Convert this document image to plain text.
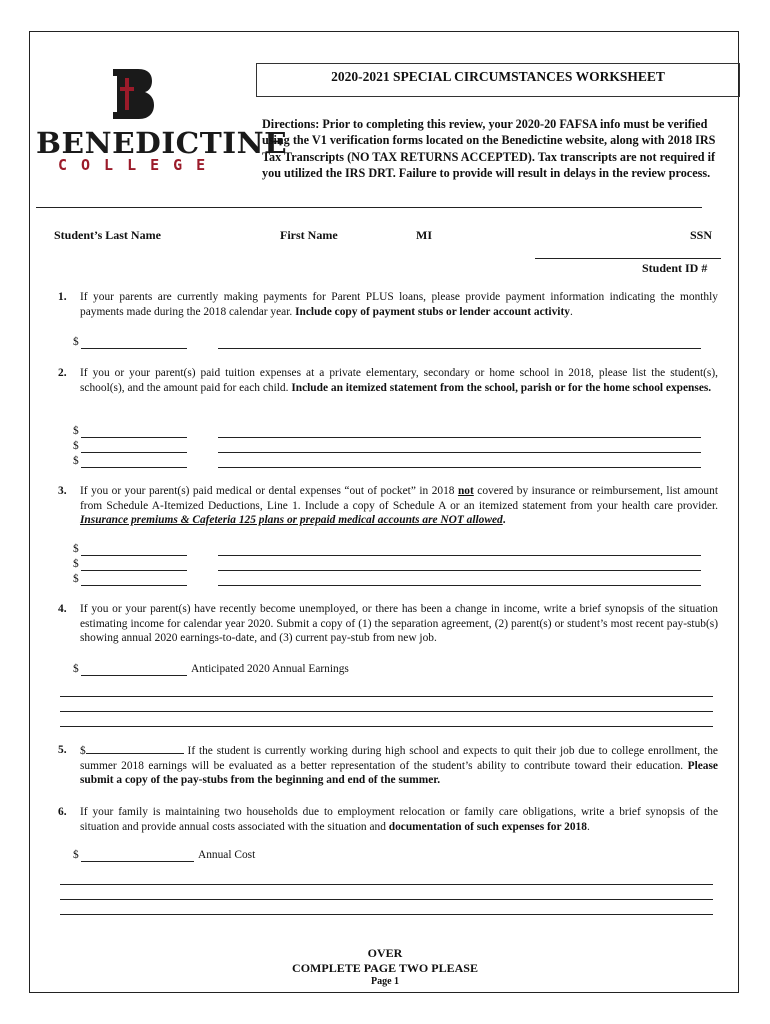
BENEDICTINE
COLLEGE
2020-2021 SPECIAL CIRCUMSTANCES WORKSHEET
Directions: Prior to completing this review, your 2020-20 FAFSA info must be verified using the V1 verification forms located on the Benedictine website, along with 2018 IRS Tax Transcripts (NO TAX RETURNS ACCEPTED). Tax transcripts are not required if you utilized the IRS DRT. Failure to provide will result in delays in the review process.
Student’s Last Name	First Name	MI	SSN
Student ID #
1. If your parents are currently making payments for Parent PLUS loans, please provide payment information indicating the monthly payments made during the 2018 calendar year. Include copy of payment stubs or lender account activity.
$
2. If you or your parent(s) paid tuition expenses at a private elementary, secondary or home school in 2018, please list the student(s), school(s), and the amount paid for each child. Include an itemized statement from the school, parish or for the home school expenses.
$
$
$
3. If you or your parent(s) paid medical or dental expenses “out of pocket” in 2018 not covered by insurance or reimbursement, list amount from Schedule A-Itemized Deductions, Line 1. Include a copy of Schedule A or an itemized statement from your health care provider. Insurance premiums & Cafeteria 125 plans or prepaid medical accounts are NOT allowed.
$
$
$
4. If you or your parent(s) have recently become unemployed, or there has been a change in income, write a brief synopsis of the situation estimating income for calendar year 2020. Submit a copy of (1) the separation agreement, (2) parent(s) or student’s most recent pay-stub(s) showing annual 2020 earnings-to-date, and (3) current pay-stub from new job.
$	Anticipated 2020 Annual Earnings
5. $	If the student is currently working during high school and expects to quit their job due to college enrollment, the summer 2018 earnings will be evaluated as a better representation of the student’s ability to contribute toward their education. Please submit a copy of the pay-stubs from the beginning and end of the summer.
6. If your family is maintaining two households due to employment relocation or family care obligations, write a brief synopsis of the situation and provide annual costs associated with the situation and documentation of such expenses for 2018.
$	Annual Cost
OVER
COMPLETE PAGE TWO PLEASE
Page 1
